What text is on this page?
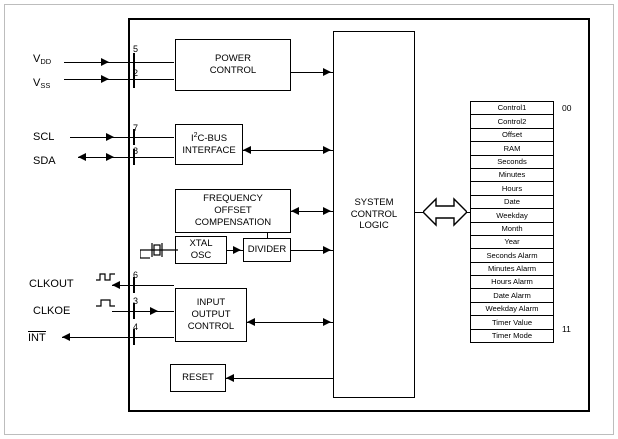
$V_{DD}$
$V_{SS}$
SCL
SDA
CLKOUT
CLKOE
INT
5
2
7
8
6
3
4
POWER
CONTROL
$I^2C$-BUS
INTERFACE
FREQUENCY
OFFSET
COMPENSATION
XTAL
OSC
DIVIDER
INPUT
OUTPUT
CONTROL
RESET
SYSTEM
CONTROL
LOGIC
Control1
Control2
Offset
RAM
Seconds
Minutes
Hours
Date
Weekday
Month
Year
Seconds Alarm
Minutes Alarm
Hours Alarm
Date Alarm
Weekday Alarm
Timer Value
Timer Mode
00
11
